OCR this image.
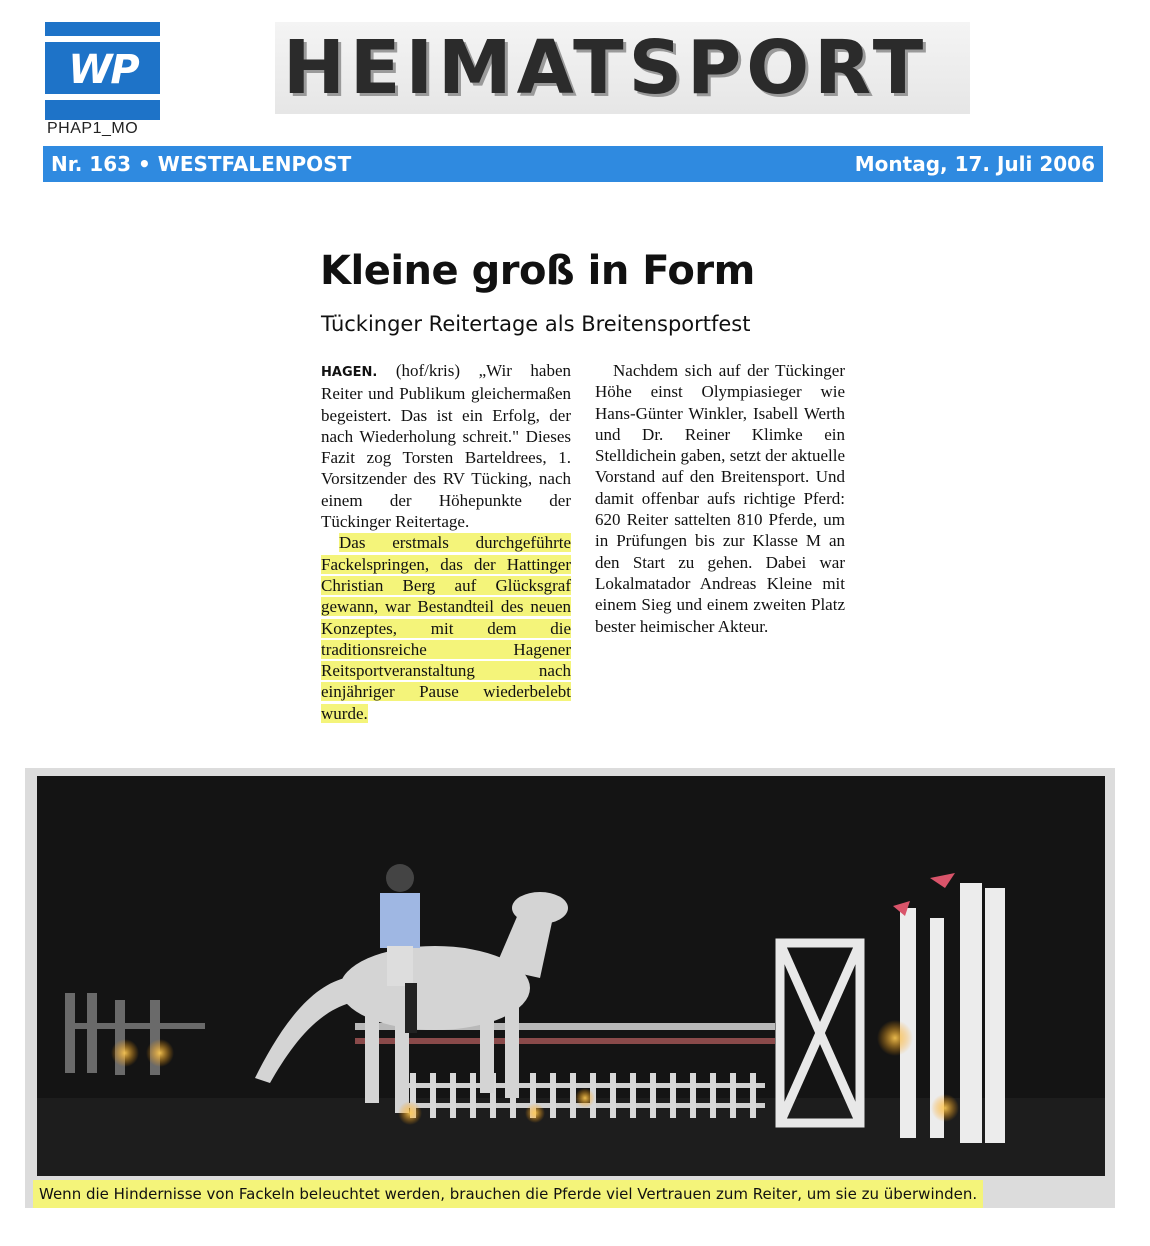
WP
PHAP1_MO
HEIMATSPORT
Nr. 163 • WESTFALENPOST	Montag, 17. Juli 2006
Kleine groß in Form
Tückinger Reitertage als Breitensportfest

HAGEN. (hof/kris) „Wir haben Reiter und Publikum gleichermaßen begeistert. Das ist ein Erfolg, der nach Wiederholung schreit." Dieses Fazit zog Torsten Barteldrees, 1. Vorsitzender des RV Tücking, nach einem der Höhepunkte der Tückinger Reitertage.

Das erstmals durchgeführte Fackelspringen, das der Hattinger Christian Berg auf Glücksgraf gewann, war Bestandteil des neuen Konzeptes, mit dem die traditionsreiche Hagener Reitsportveranstaltung nach einjähriger Pause wiederbelebt wurde.

Nachdem sich auf der Tückinger Höhe einst Olympiasieger wie Hans-Günter Winkler, Isabell Werth und Dr. Reiner Klimke ein Stelldichein gaben, setzt der aktuelle Vorstand auf den Breitensport. Und damit offenbar aufs richtige Pferd: 620 Reiter sattelten 810 Pferde, um in Prüfungen bis zur Klasse M an den Start zu gehen. Dabei war Lokalmatador Andreas Kleine mit einem Sieg und einem zweiten Platz bester heimischer Akteur.

Wenn die Hindernisse von Fackeln beleuchtet werden, brauchen die Pferde viel Vertrauen zum Reiter, um sie zu überwinden.
